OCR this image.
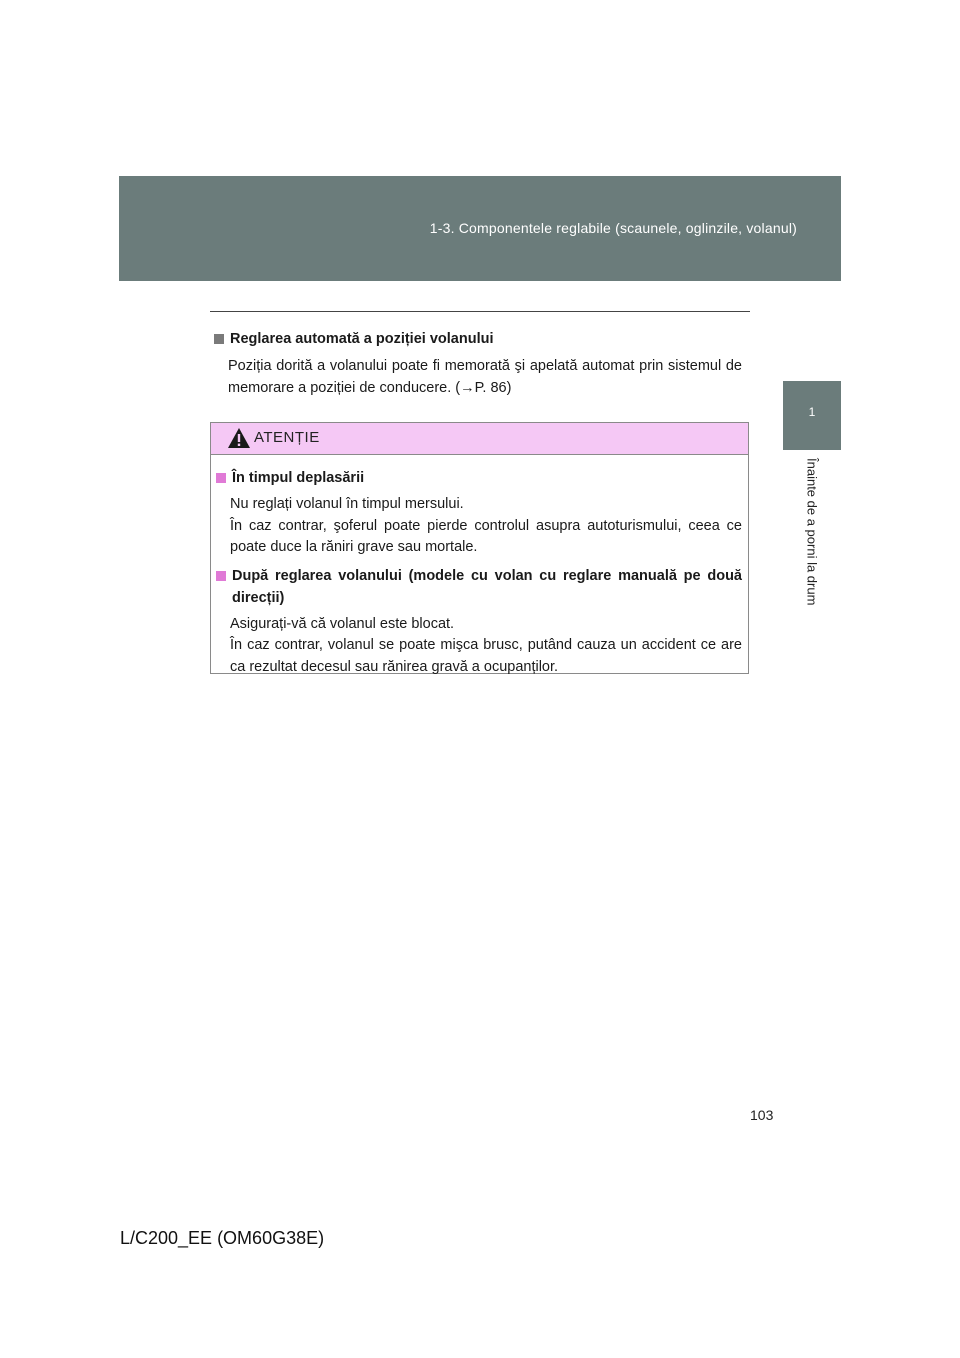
1-3. Componentele reglabile (scaunele, oglinzile, volanul)
1
Înainte de a porni la drum
Reglarea automată a poziției volanului
Poziția dorită a volanului poate fi memorată şi apelată automat prin sistemul de memorare a poziției de conducere. (→P. 86)
ATENȚIE
În timpul deplasării
Nu reglați volanul în timpul mersului.
În caz contrar, şoferul poate pierde controlul asupra autoturismului, ceea ce poate duce la răniri grave sau mortale.
După reglarea volanului (modele cu volan cu reglare manuală pe două direcții)
Asigurați-vă că volanul este blocat.
În caz contrar, volanul se poate mişca brusc, putând cauza un accident ce are ca rezultat decesul sau rănirea gravă a ocupanților.
103
L/C200_EE (OM60G38E)
